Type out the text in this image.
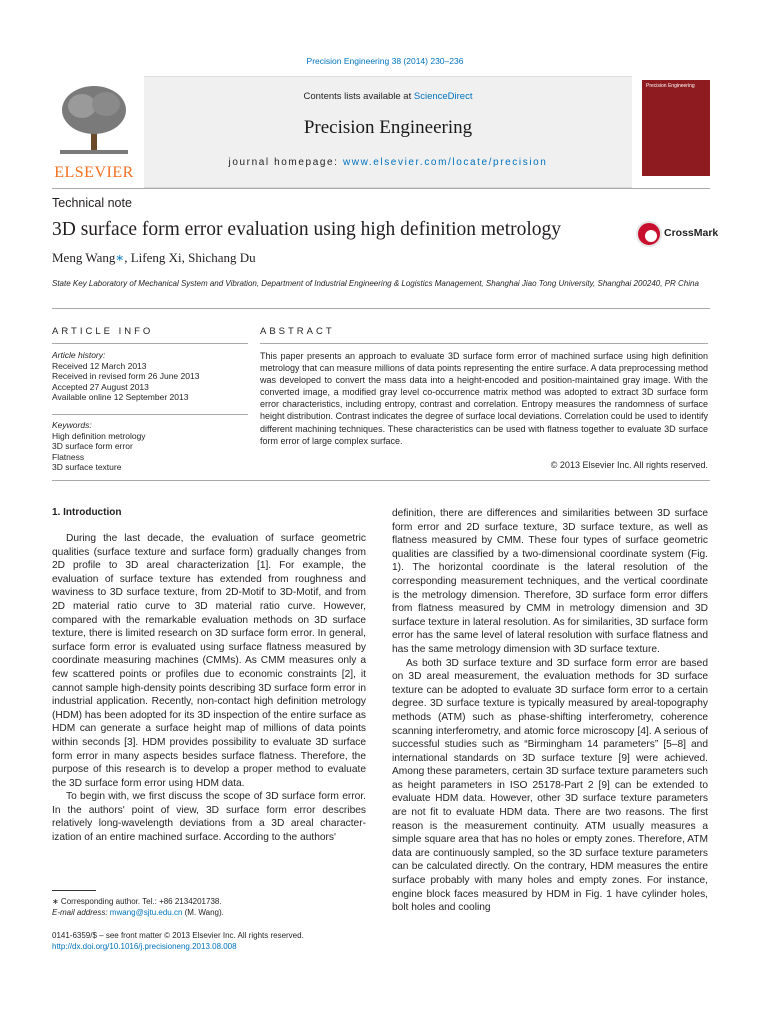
Precision Engineering 38 (2014) 230–236
ELSEVIER
Contents lists available at ScienceDirect
Precision Engineering
journal homepage: www.elsevier.com/locate/precision
Precision Engineering
Technical note
3D surface form error evaluation using high definition metrology
Meng Wang∗, Lifeng Xi, Shichang Du
CrossMark
State Key Laboratory of Mechanical System and Vibration, Department of Industrial Engineering & Logistics Management, Shanghai Jiao Tong University, Shanghai 200240, PR China
ARTICLE INFO	ABSTRACT
Article history:
Received 12 March 2013
Received in revised form 26 June 2013
Accepted 27 August 2013
Available online 12 September 2013
Keywords:
High definition metrology
3D surface form error
Flatness
3D surface texture
This paper presents an approach to evaluate 3D surface form error of machined surface using high definition metrology that can measure millions of data points representing the entire surface. A data preprocessing method was developed to convert the mass data into a height-encoded and position-maintained gray image. With the converted image, a modified gray level co-occurrence matrix method was adopted to extract 3D surface form error characteristics, including entropy, contrast and correlation. Entropy measures the randomness of surface height distribution. Contrast indicates the degree of surface local deviations. Correlation could be used to identify different machining techniques. These characteristics can be used with flatness together to evaluate 3D surface form error of large complex surface.
© 2013 Elsevier Inc. All rights reserved.
1. Introduction

During the last decade, the evaluation of surface geometric qualities (surface texture and surface form) gradually changes from 2D profile to 3D areal characterization [1]. For example, the evaluation of surface texture has extended from roughness and waviness to 3D surface texture, from 2D-Motif to 3D-Motif, and from 2D material ratio curve to 3D material ratio curve. However, compared with the remarkable evaluation methods on 3D surface texture, there is limited research on 3D surface form error. In general, surface form error is evaluated using surface flatness measured by coordinate measuring machines (CMMs). As CMM measures only a few scattered points or profiles due to economic constraints [2], it cannot sample high-density points describing 3D surface form error in industrial application. Recently, non-contact high definition metrology (HDM) has been adopted for its 3D inspection of the entire surface as HDM can generate a surface height map of millions of data points within seconds [3]. HDM provides possibility to evaluate 3D surface form error in many aspects besides surface flatness. Therefore, the purpose of this research is to develop a proper method to evaluate the 3D surface form error using HDM data.

To begin with, we first discuss the scope of 3D surface form error. In the authors' point of view, 3D surface form error describes relatively long-wavelength deviations from a 3D areal character-ization of an entire machined surface. According to the authors'

definition, there are differences and similarities between 3D surface form error and 2D surface texture, 3D surface texture, as well as flatness measured by CMM. These four types of surface geometric qualities are classified by a two-dimensional coordinate system (Fig. 1). The horizontal coordinate is the lateral resolution of the corresponding measurement techniques, and the vertical coordinate is the metrology dimension. Therefore, 3D surface form error differs from flatness measured by CMM in metrology dimension and 3D surface texture in lateral resolution. As for similarities, 3D surface form error has the same level of lateral resolution with surface flatness and has the same metrology dimension with 3D surface texture.

As both 3D surface texture and 3D surface form error are based on 3D areal measurement, the evaluation methods for 3D surface texture can be adopted to evaluate 3D surface form error to a certain degree. 3D surface texture is typically measured by areal-topography methods (ATM) such as phase-shifting interferometry, coherence scanning interferometry, and atomic force microscopy [4]. A serious of successful studies such as “Birmingham 14 parameters” [5–8] and international standards on 3D surface texture [9] were achieved. Among these parameters, certain 3D surface texture parameters such as height parameters in ISO 25178-Part 2 [9] can be extended to evaluate HDM data. However, other 3D surface texture parameters are not fit to evaluate HDM data. There are two reasons. The first reason is the measurement continuity. ATM usually measures a simple square area that has no holes or empty zones. Therefore, ATM data are continuously sampled, so the 3D surface texture parameters can be calculated directly. On the contrary, HDM measures the entire surface probably with many holes and empty zones. For instance, engine block faces measured by HDM in Fig. 1 have cylinder holes, bolt holes and cooling

∗ Corresponding author. Tel.: +86 2134201738.
E-mail address: mwang@sjtu.edu.cn (M. Wang).
0141-6359/$ – see front matter © 2013 Elsevier Inc. All rights reserved.
http://dx.doi.org/10.1016/j.precisioneng.2013.08.008
